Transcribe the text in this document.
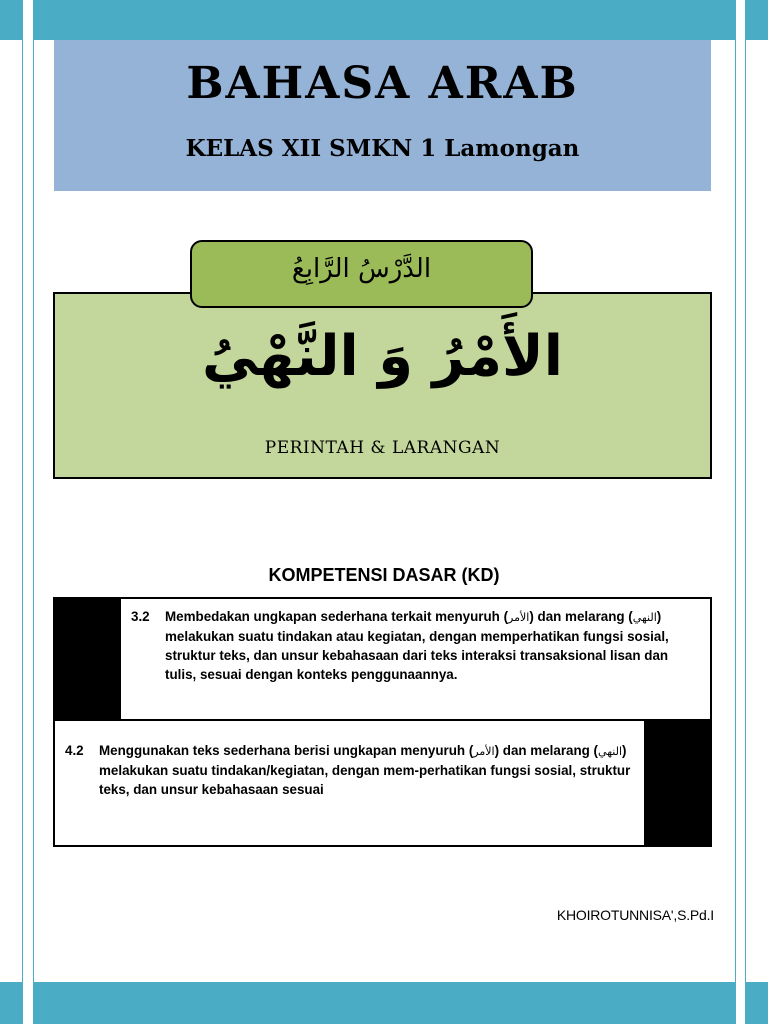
BAHASA ARAB
KELAS XII SMKN 1 Lamongan
الدَّرْسُ الرَّابِعُ
الأَمْرُ وَ النَّهْيُ
PERINTAH & LARANGAN
KOMPETENSI DASAR (KD)
3.2 Membedakan ungkapan sederhana terkait menyuruh (الأمر) dan melarang (النهي) melakukan suatu tindakan atau kegiatan, dengan memperhatikan fungsi sosial, struktur teks, dan unsur kebahasaan dari teks interaksi transaksional lisan dan tulis, sesuai dengan konteks penggunaannya.
4.2 Menggunakan teks sederhana berisi ungkapan menyuruh (الأمر) dan melarang (النهي) melakukan suatu tindakan/kegiatan, dengan mem-perhatikan fungsi sosial, struktur teks, dan unsur kebahasaan sesuai
KHOIROTUNNISA',S.Pd.I
